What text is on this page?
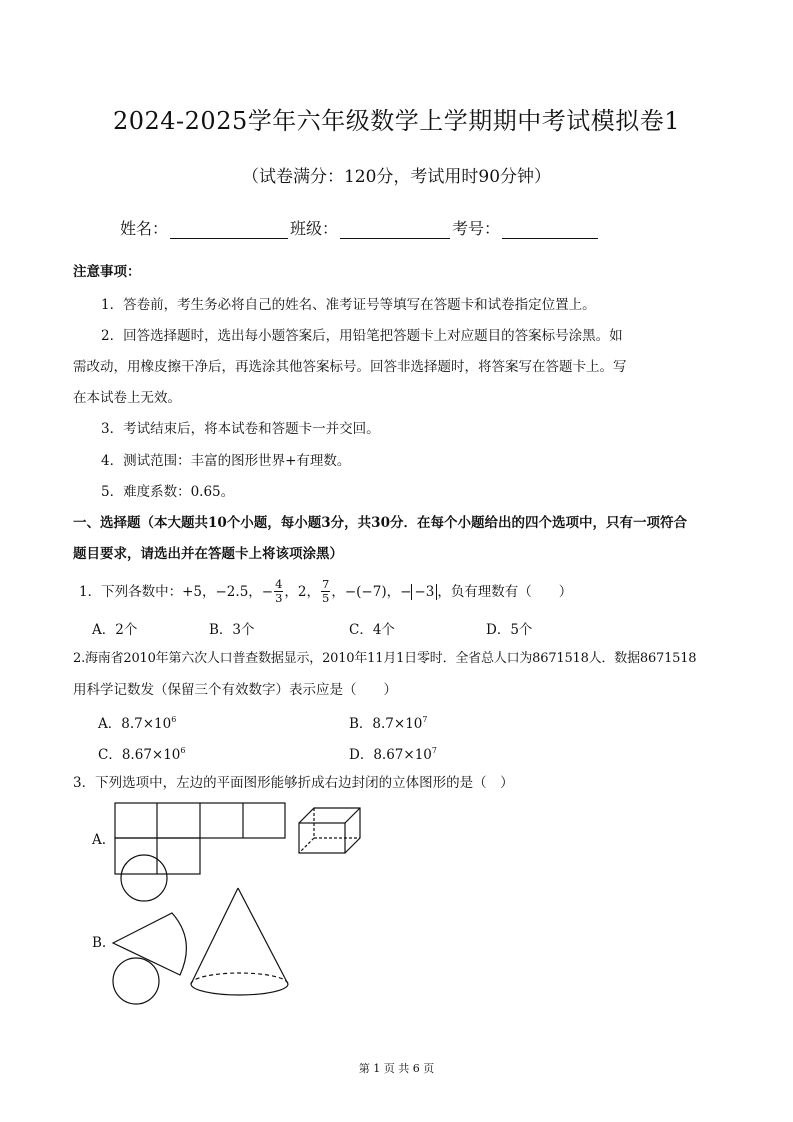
2024-2025学年六年级数学上学期期中考试模拟卷1
（试卷满分：120分，考试用时90分钟）
姓名：	班级：	考号：
注意事项：
1．答卷前，考生务必将自己的姓名、准考证号等填写在答题卡和试卷指定位置上。
2．回答选择题时，选出每小题答案后，用铅笔把答题卡上对应题目的答案标号涂黑。如
需改动，用橡皮擦干净后，再选涂其他答案标号。回答非选择题时，将答案写在答题卡上。写
在本试卷上无效。
3．考试结束后，将本试卷和答题卡一并交回。
4．测试范围：丰富的图形世界+有理数。
5．难度系数：0.65。
一、选择题（本大题共10个小题，每小题3分，共30分．在每个小题给出的四个选项中，只有一项符合
题目要求，请选出并在答题卡上将该项涂黑）
1．下列各数中： +5， −2.5， − $\frac{4}{3}$ ， 2， $\frac{7}{5}$ ， −(−7)， − −3 ， 负有理数有（　　）
A．2个	B．3个	C．4个	D．5个
2.海南省2010年第六次人口普查数据显示，2010年11月1日零时．全省总人口为8671518人．数据8671518
用科学记数发（保留三个有效数字）表示应是（　　）
A．$8.7\times 10^6$	B．$8.7\times 10^7$
C．$8.67\times 10^6$	D．$8.67\times 10^7$
3．下列选项中，左边的平面图形能够折成右边封闭的立体图形的是（　）
A.
B.
第 1 页 共 6 页
